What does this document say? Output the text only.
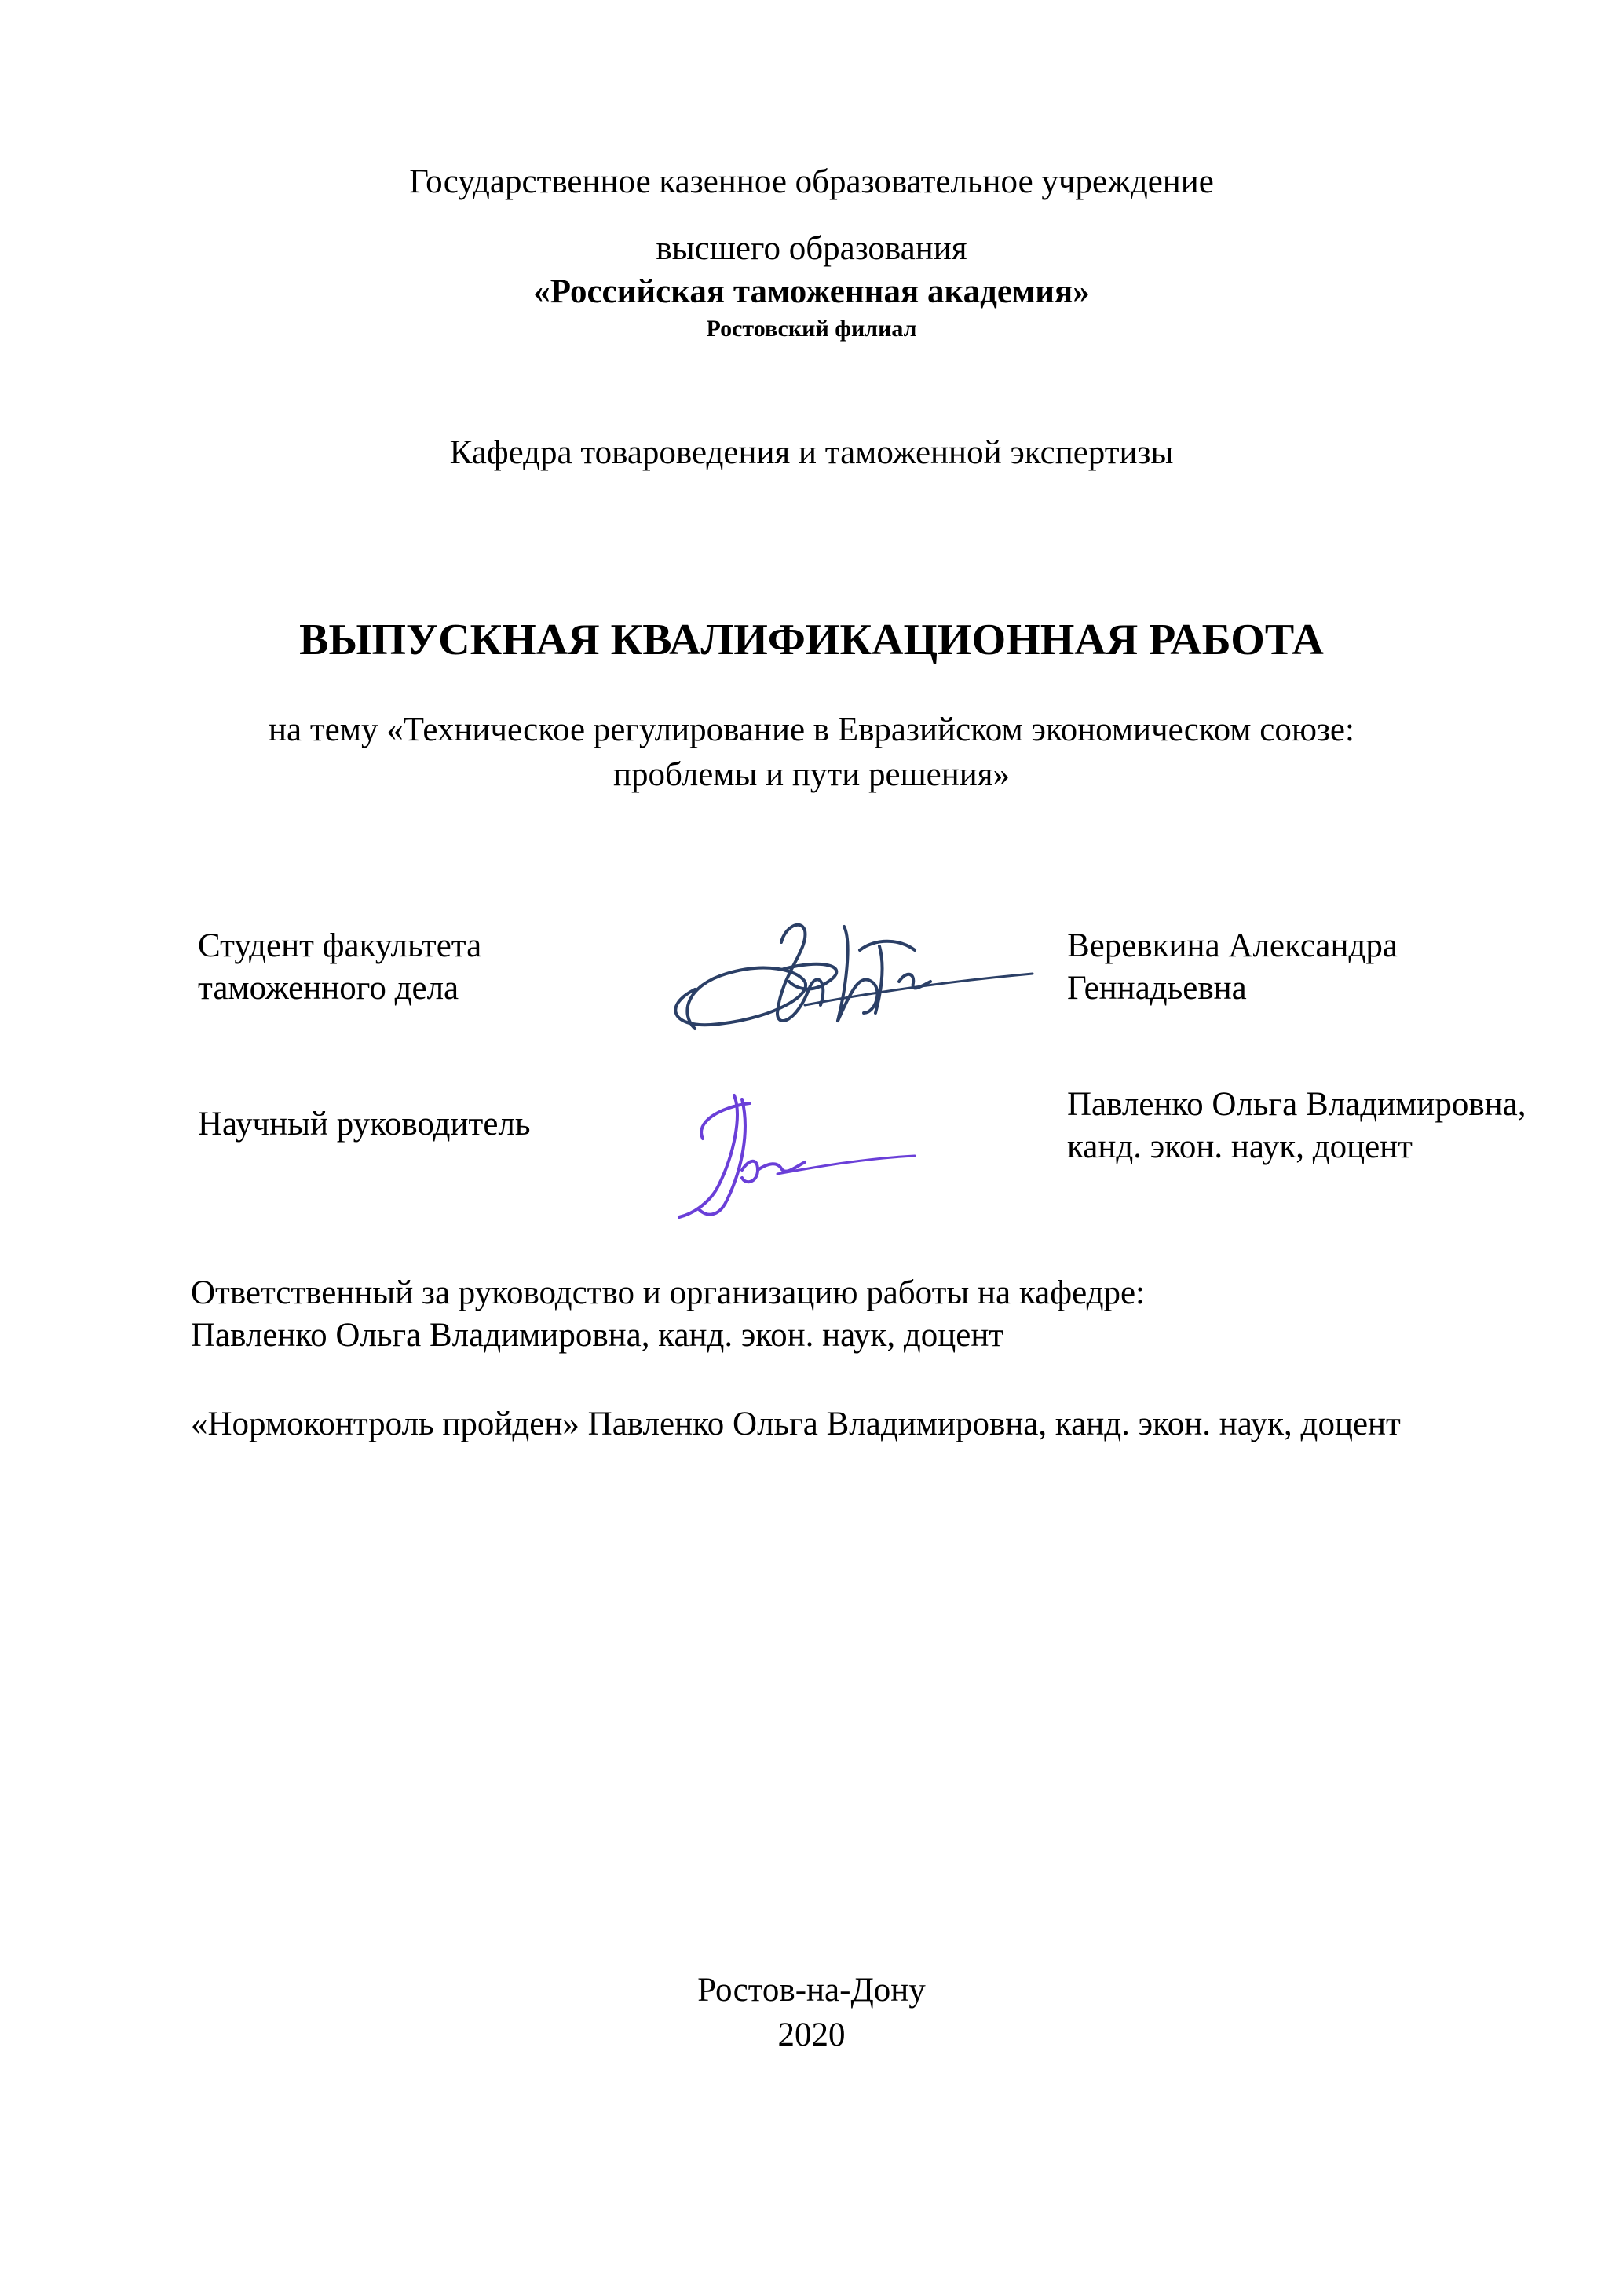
Государственное казенное образовательное учреждение
высшего образования
«Российская таможенная академия»
Ростовский филиал
Кафедра товароведения и таможенной экспертизы
ВЫПУСКНАЯ КВАЛИФИКАЦИОННАЯ РАБОТА
на тему «Техническое регулирование в Евразийском экономическом союзе:
проблемы и пути решения»
Студент факультета
таможенного дела
Веревкина Александра
Геннадьевна
Научный руководитель
Павленко Ольга Владимировна,
канд. экон. наук, доцент
Ответственный за руководство и организацию работы на кафедре:
Павленко Ольга Владимировна, канд. экон. наук, доцент
«Нормоконтроль пройден» Павленко Ольга Владимировна, канд. экон. наук, доцент
Ростов-на-Дону
2020
